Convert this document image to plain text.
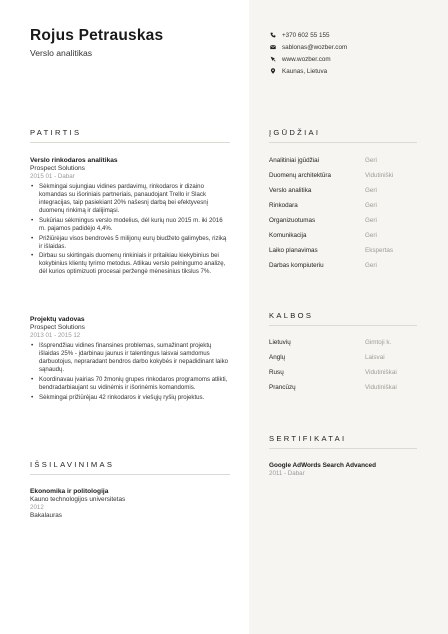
Rojus Petrauskas
Verslo analitikas
+370 602 55 155
sablonas@wozber.com
www.wozber.com
Kaunas, Lietuva
PATIRTIS
Verslo rinkodaros analitikas
Prospect Solutions
2015 01 - Dabar
• Sėkmingai sujungiau vidines pardavimų, rinkodaros ir dizaino komandas su išoriniais partneriais, panaudojant Trello ir Slack integracijas, taip pasiekiant 20% našesnį darbą bei efektyvesnį duomenų rinkimą ir dalijimąsi.
• Sukūriau sėkmingus verslo modelius, dėl kurių nuo 2015 m. iki 2016 m. pajamos padidėjo 4,4%.
• Prižiūrėjau visos bendrovės 5 milijonų eurų biudžeto galimybes, riziką ir išlaidas.
• Dirbau su skirtingais duomenų rinkiniais ir pritaikiau kiekybinius bei kokybinius klientų tyrimo metodus. Atlikau verslo pelningumo analizę, dėl kurios optimizuoti procesai peržengė mėnesinius tikslus 7%.
Projektų vadovas
Prospect Solutions
2013 01 - 2015 12
• Išsprendžiau vidines finansines problemas, sumažinant projektų išlaidas 25% - įdarbinau jaunus ir talentingus laisvai samdomus darbuotojus, nepraradant bendros darbo kokybės ir nepadidinant laiko sąnaudų.
• Koordinavau įvairias 70 žmonių grupes rinkodaros programoms atlikti, bendradarbiaujant su vidinėmis ir išorinėmis komandomis.
• Sėkmingai prižiūrėjau 42 rinkodaros ir viešųjų ryšių projektus.
IŠSILAVINIMAS
Ekonomika ir politologija
Kauno technologijos universitetas
2012
Bakalauras
ĮGŪDŽIAI
Analitiniai įgūdžiai	Geri
Duomenų architektūra	Vidutiniški
Verslo analitika	Geri
Rinkodara	Geri
Organizuotumas	Geri
Komunikacija	Geri
Laiko planavimas	Ekspertas
Darbas kompiuteriu	Geri
KALBOS
Lietuvių	Gimtoji k.
Anglų	Laisvai
Rusų	Vidutiniškai
Prancūzų	Vidutiniškai
SERTIFIKATAI
Google AdWords Search Advanced
2011 - Dabar
